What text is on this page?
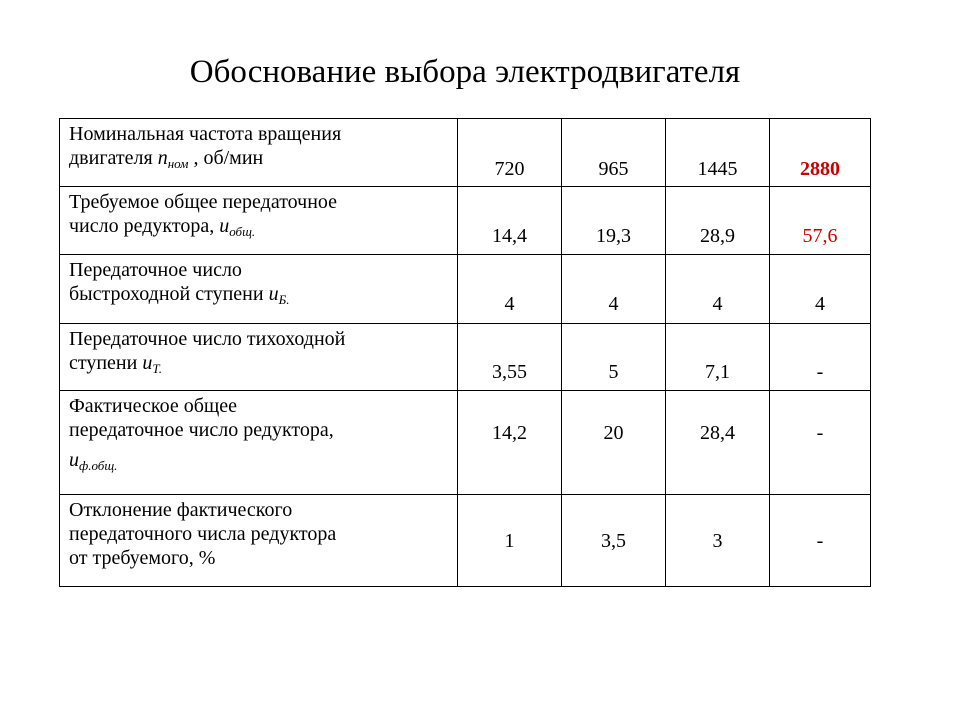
Обоснование выбора электродвигателя
Номинальная частота вращения
двигателя $n_{ном}$ , об/мин	720	965	1445	2880

Требуемое общее передаточное
число редуктора, $u_{общ.}$	14,4	19,3	28,9	57,6

Передаточное число
быстроходной ступени $u_{Б.}$	4	4	4	4

Передаточное число тихоходной
ступени $u_{Т.}$	3,55	5	7,1	-

Фактическое общее
передаточное число редуктора,
$u_{ф.общ.}$	14,2	20	28,4	-

Отклонение фактического
передаточного числа редуктора
от требуемого, %	1	3,5	3	-
